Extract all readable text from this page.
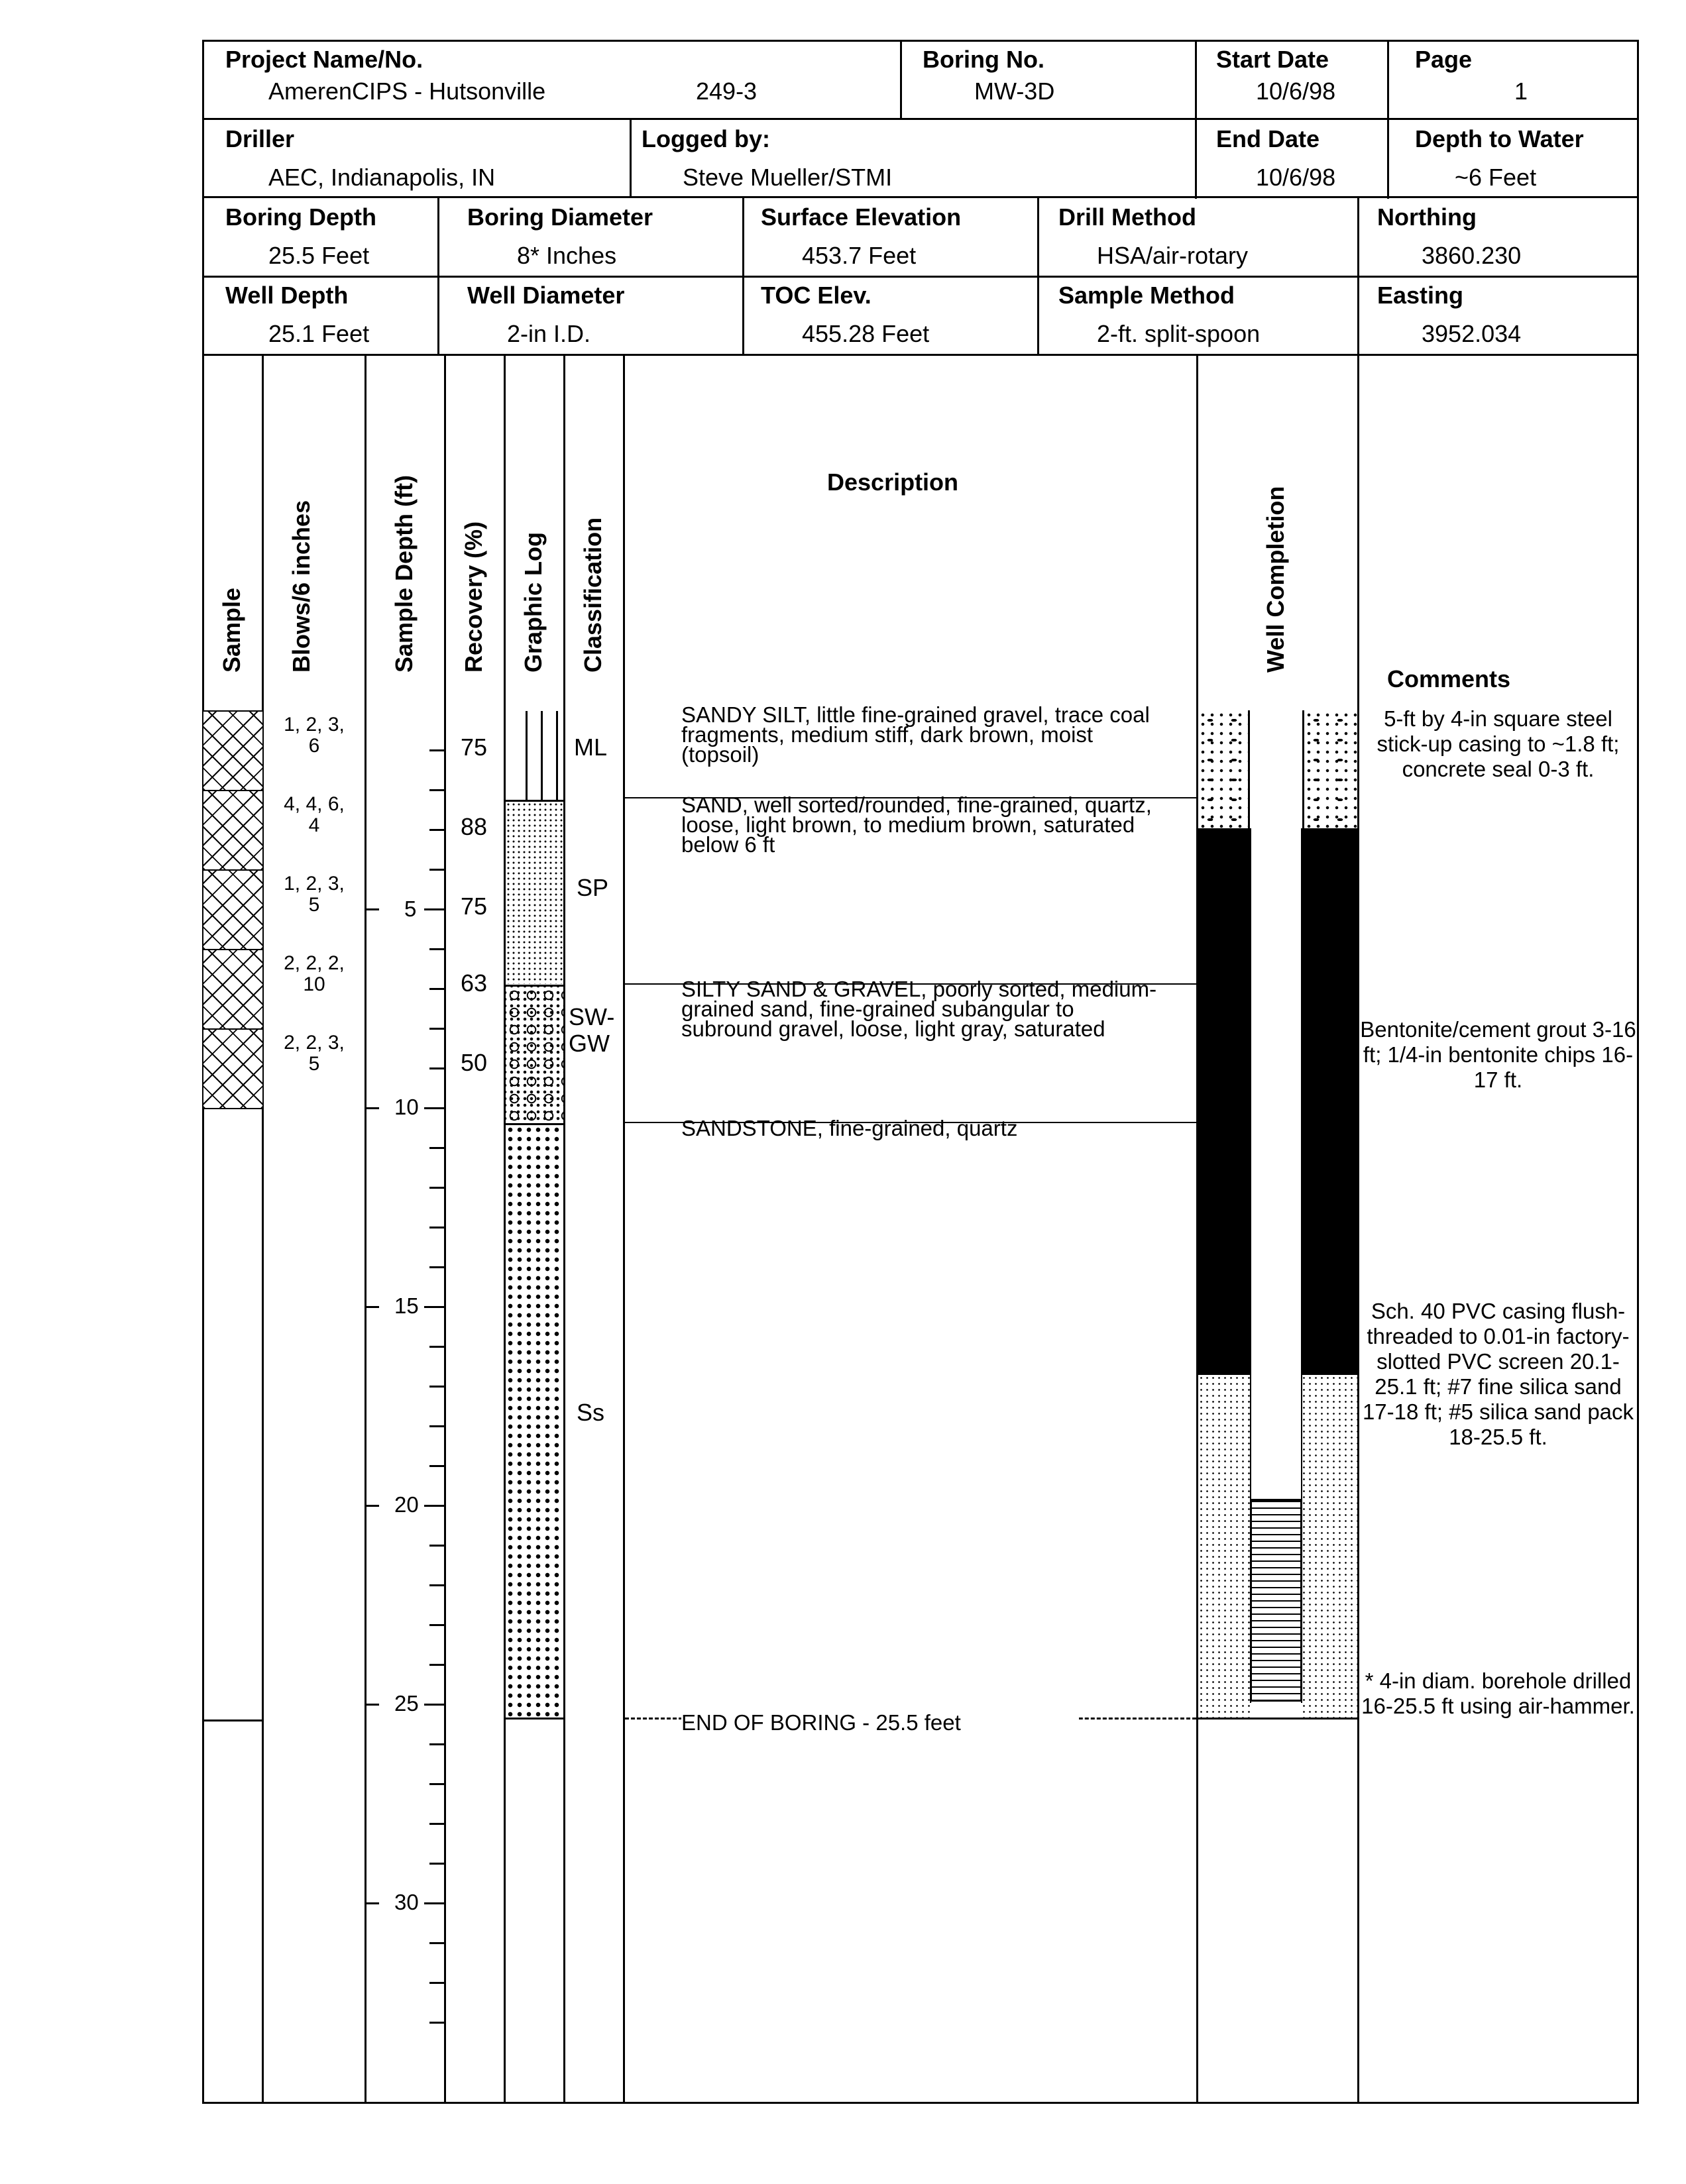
Project Name/No.
AmerenCIPS - Hutsonville	249-3
Boring No.
MW-3D
Start Date
10/6/98
Page
1
Driller
AEC, Indianapolis, IN
Logged by:
Steve Mueller/STMI
End Date
10/6/98
Depth to Water
~6 Feet
Boring Depth
25.5 Feet
Boring Diameter
8* Inches
Surface Elevation
453.7 Feet
Drill Method
HSA/air-rotary
Northing
3860.230
Well Depth
25.1 Feet
Well Diameter
2-in I.D.
TOC Elev.
455.28 Feet
Sample Method
2-ft. split-spoon
Easting
3952.034
Sample Blows/6 inches	Sample Depth (ft) Recovery (%) Graphic Log Classification
Description
Well Completion
Comments
1, 2, 3,
6
4, 4, 6,
4
1, 2, 3,
5
2, 2, 2,
10
2, 2, 3,
5
75
88
75
63
50
5
10
15
20
25
30
ML
SP
SW-
GW
Ss
SANDY SILT, little fine-grained gravel, trace coal fragments, medium stiff, dark brown, moist (topsoil)
SAND, well sorted/rounded, fine-grained, quartz, loose, light brown, to medium brown, saturated below 6 ft
SILTY SAND & GRAVEL, poorly sorted, medium-grained sand, fine-grained subangular to subround gravel, loose, light gray, saturated
SANDSTONE, fine-grained, quartz
END OF BORING - 25.5 feet
5-ft by 4-in square steel stick-up casing to ~1.8 ft; concrete seal 0-3 ft.
Bentonite/cement grout 3-16 ft; 1/4-in bentonite chips 16-17 ft.
Sch. 40 PVC casing flush-threaded to 0.01-in factory-slotted PVC screen 20.1-25.1 ft; #7 fine silica sand 17-18 ft; #5 silica sand pack 18-25.5 ft.
* 4-in diam. borehole drilled 16-25.5 ft using air-hammer.
